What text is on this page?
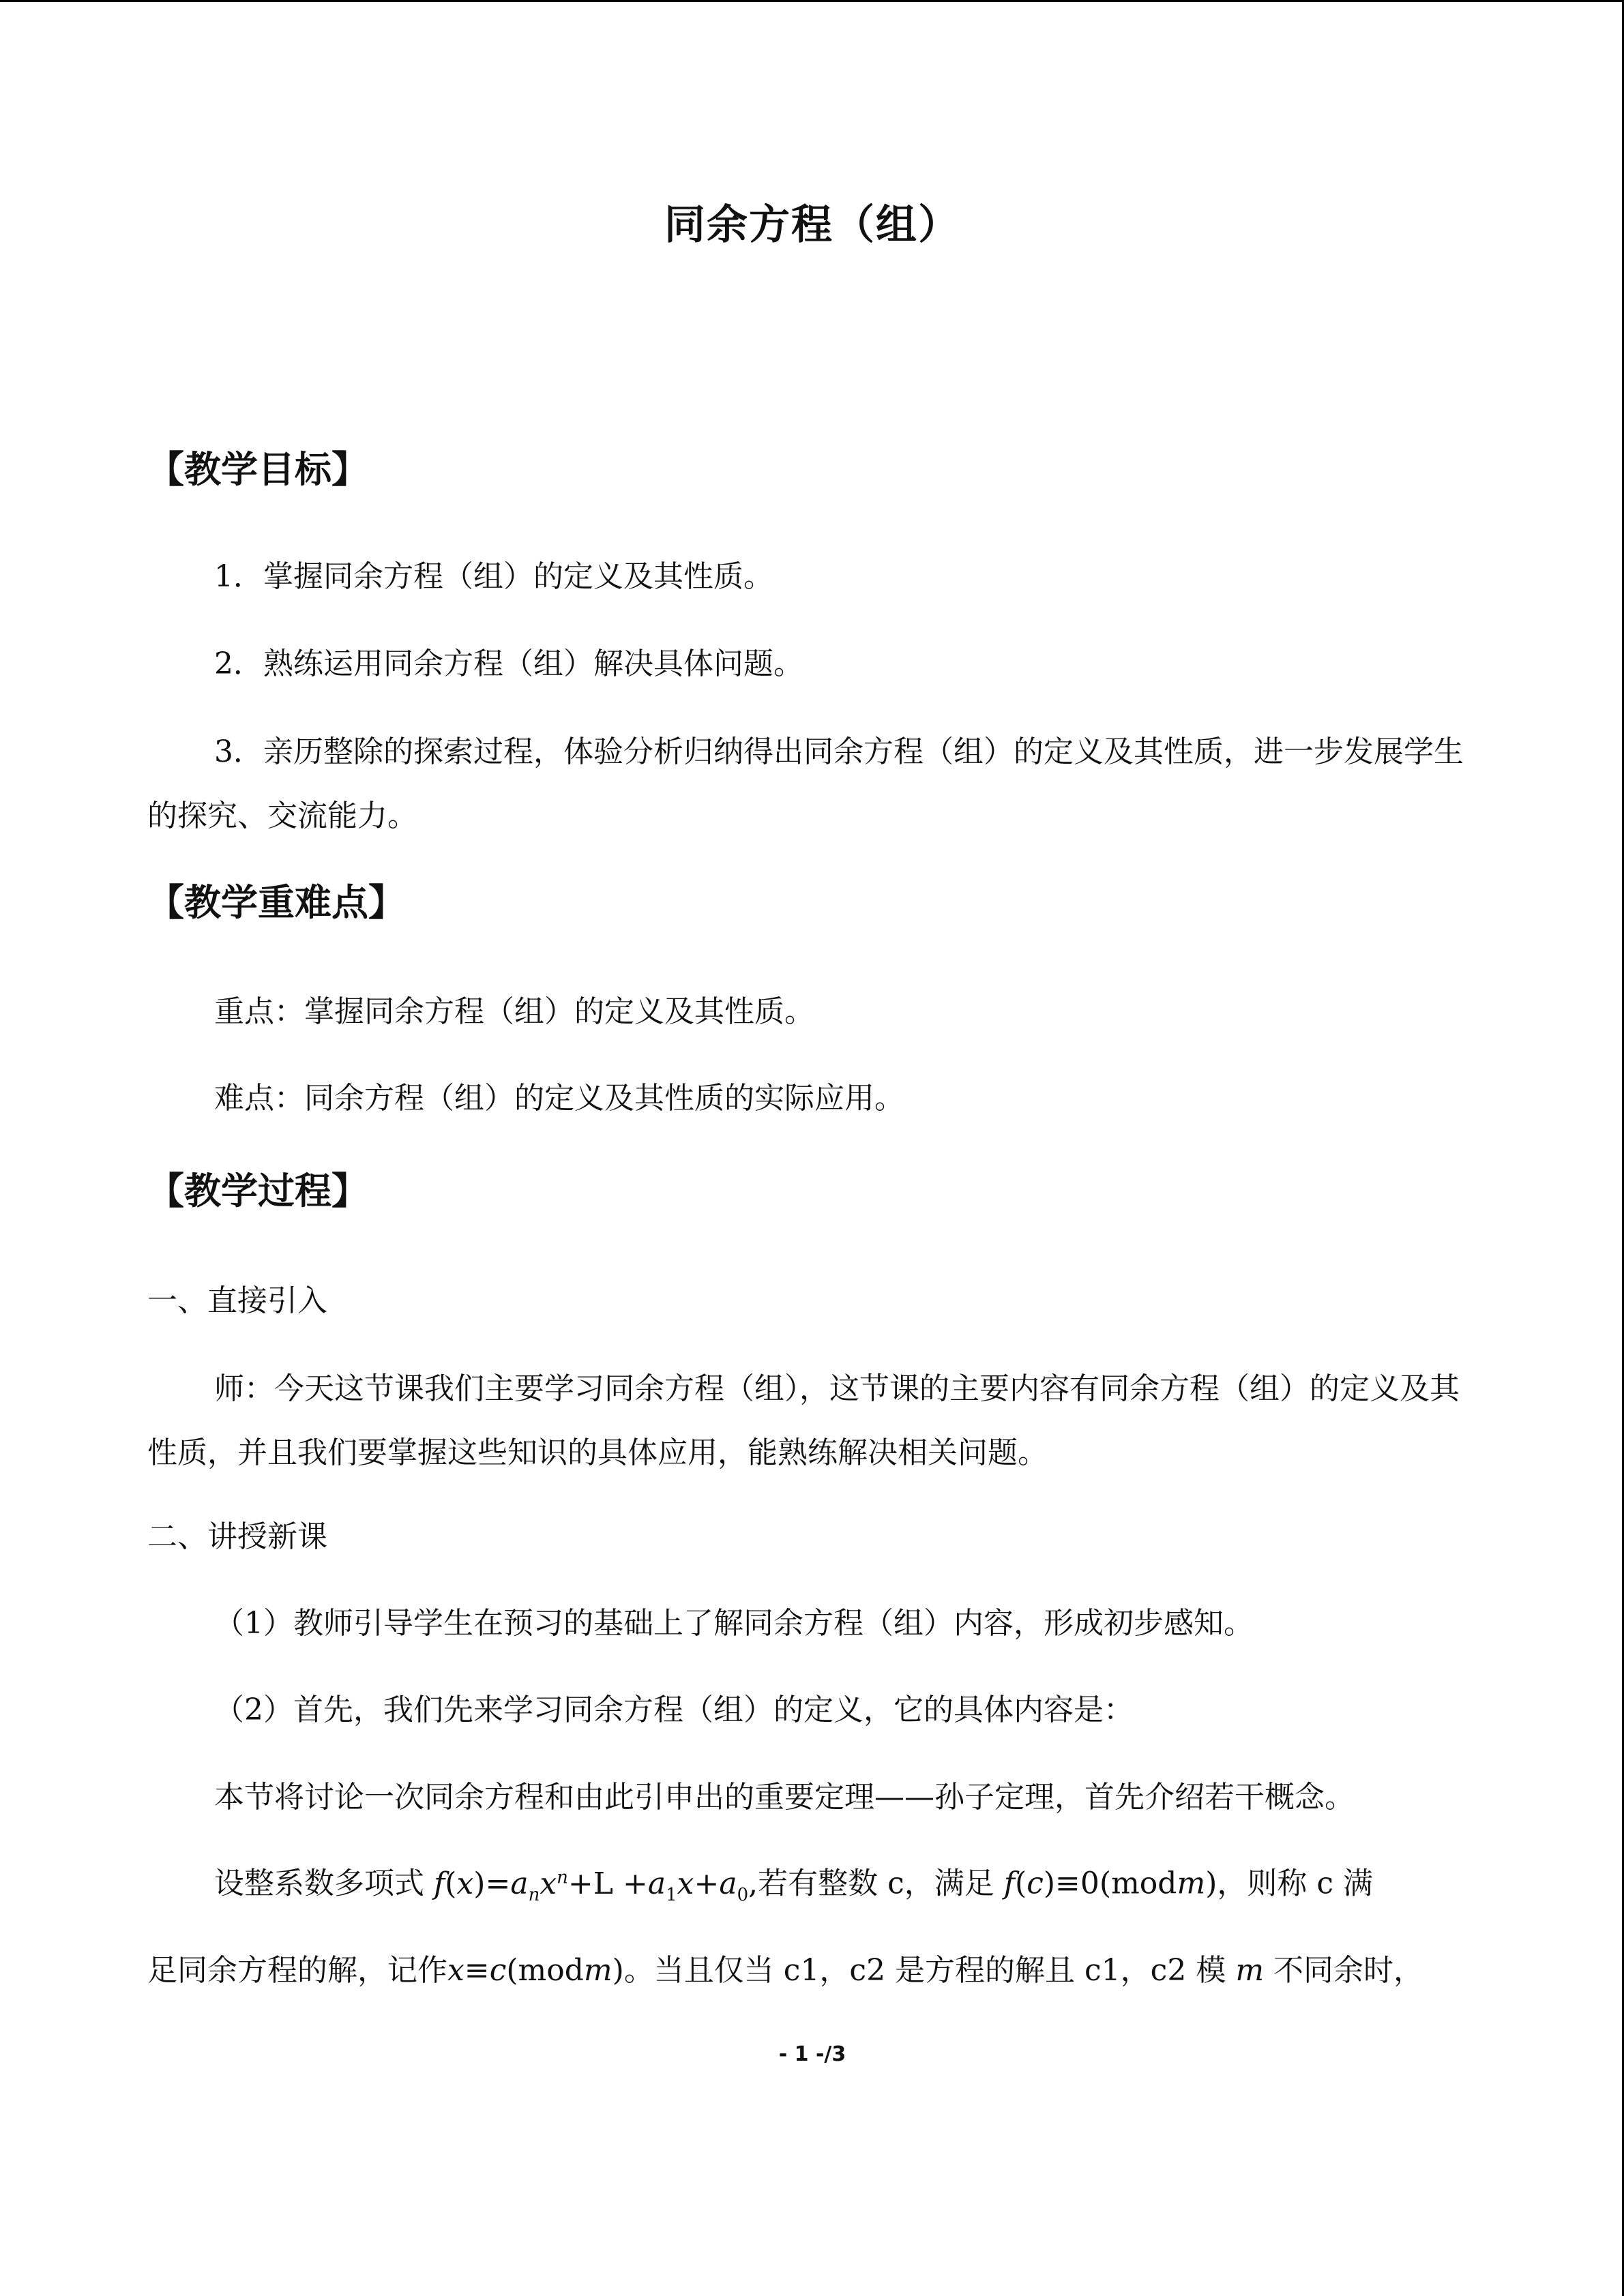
同余方程（组）
【教学目标】
1．掌握同余方程（组）的定义及其性质。
2．熟练运用同余方程（组）解决具体问题。
3．亲历整除的探索过程，体验分析归纳得出同余方程（组）的定义及其性质，进一步发展学生的探究、交流能力。
【教学重难点】
重点：掌握同余方程（组）的定义及其性质。
难点：同余方程（组）的定义及其性质的实际应用。
【教学过程】
一、直接引入
师：今天这节课我们主要学习同余方程（组），这节课的主要内容有同余方程（组）的定义及其性质，并且我们要掌握这些知识的具体应用，能熟练解决相关问题。
二、讲授新课
（1）教师引导学生在预习的基础上了解同余方程（组）内容，形成初步感知。
（2）首先，我们先来学习同余方程（组）的定义，它的具体内容是：
本节将讨论一次同余方程和由此引申出的重要定理——孙子定理，首先介绍若干概念。
设整系数多项式 $f(x)=a_nx^n+L +a_1x+a_0$,若有整数 c，满足 f(c)≡0(modm)，则称 c 满
足同余方程的解，记作x≡c(modm)。当且仅当 c1，c2 是方程的解且 c1，c2 模 m 不同余时，
- 1 -/3
